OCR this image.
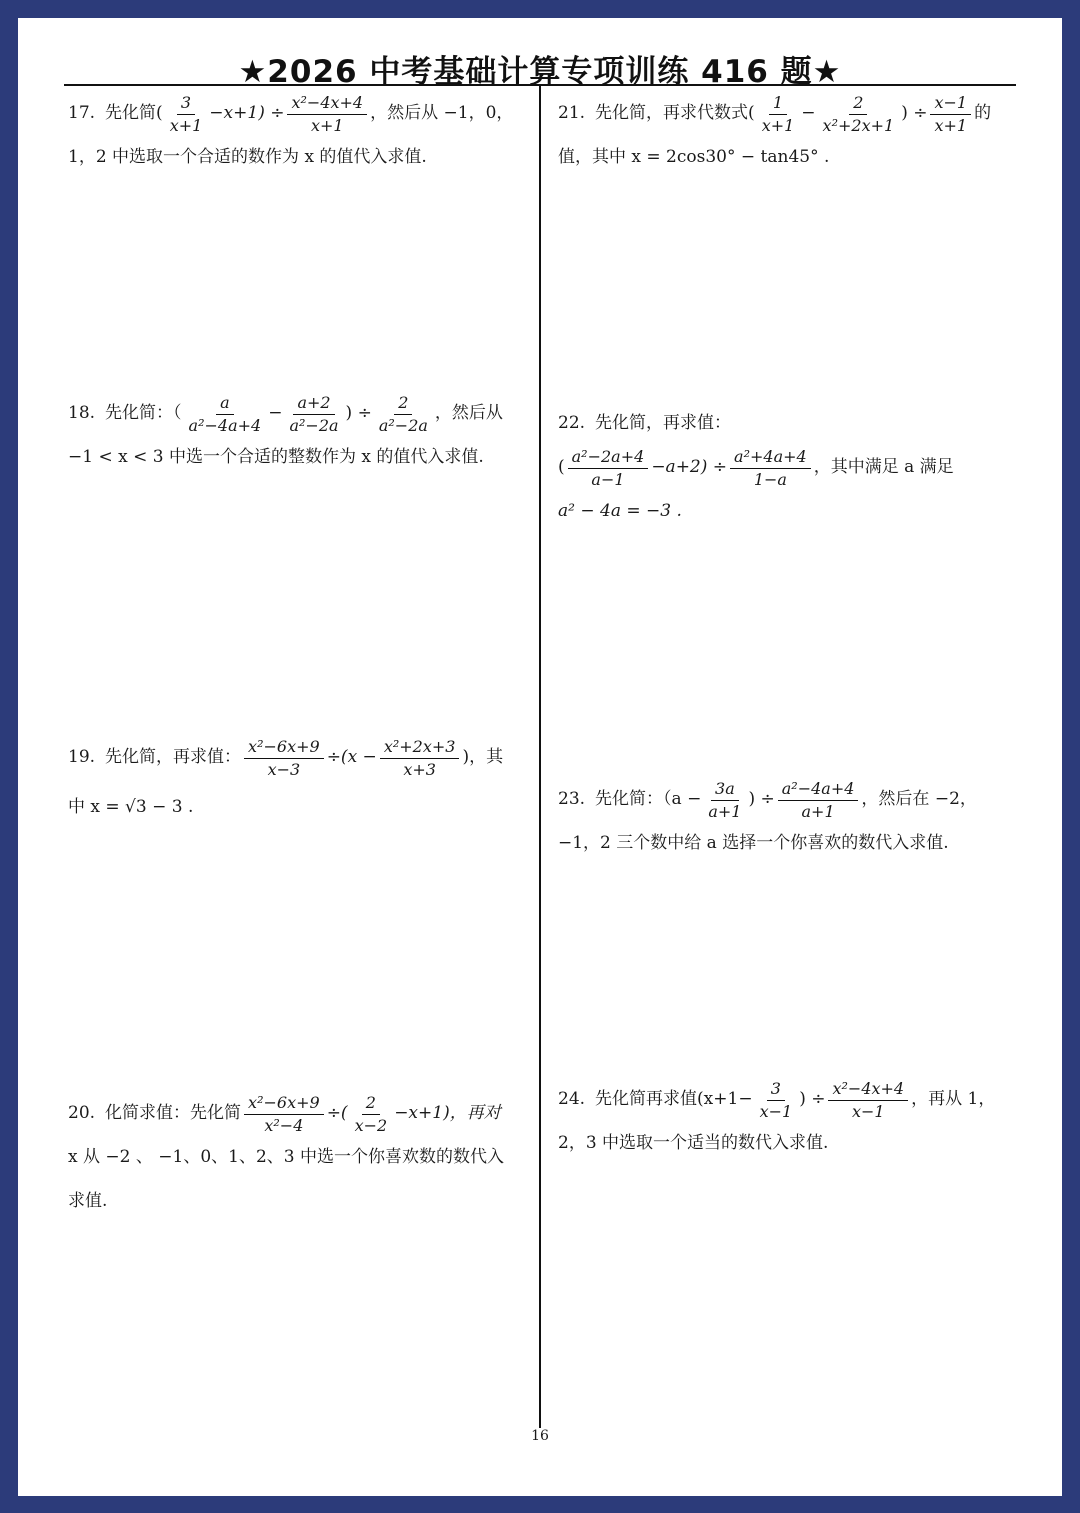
★2026 中考基础计算专项训练 416 题★
17. 先化简 ( $\frac{3}{x+1} -x+1) \div \frac{\text{x²−4x+4}}{x+1}$ ，然后从 −1，0，
1，2 中选取一个合适的数作为 x 的值代入求值.
18. 先化简：（ $\frac{a}{\text{a²−4a+4}} - \frac{a+2}{\text{a²−2a}}$ ) ÷ $\frac{2}{\text{a²−2a}}$ ，然后从
−1 < x < 3 中选一个合适的整数作为 x 的值代入求值.
19. 先化简，再求值： $\frac{\text{x²−6x+9}}{x-3} \div(x - \frac{\text{x²+2x+3}}{x+3}$ )，其
中 x = √3 − 3 .
20. 化简求值：先化简 $\frac{\text{x²−6x+9}}{\text{x²−4}}$ ÷( $\frac{2}{x-2} -x+1$)，再对
x 从 −2 、 −1、0、1、2、3 中选一个你喜欢数的数代入
求值.
21. 先化简，再求代数式( $\frac{1}{x+1} - \frac{2}{\text{x²+2x+1}}$ ) ÷ $\frac{x-1}{x+1}$ 的
值，其中 x = 2cos30° − tan45° .
22. 先化简，再求值：
( $\frac{\text{a²−2a+4}}{a-1} -a+2) \div \frac{\text{a²+4a+4}}{1-a}$ ，其中满足 a 满足
a² − 4a = −3 .
23. 先化简：（$a - \frac{3a}{a+1}$ ) ÷ $\frac{\text{a²−4a+4}}{a+1}$ ，然后在 −2，
−1，2 三个数中给 a 选择一个你喜欢的数代入求值.
24. 先化简再求值($x+1- \frac{3}{x-1}$ ) ÷ $\frac{\text{x²−4x+4}}{x-1}$ ，再从 1，
2，3 中选取一个适当的数代入求值.
16
